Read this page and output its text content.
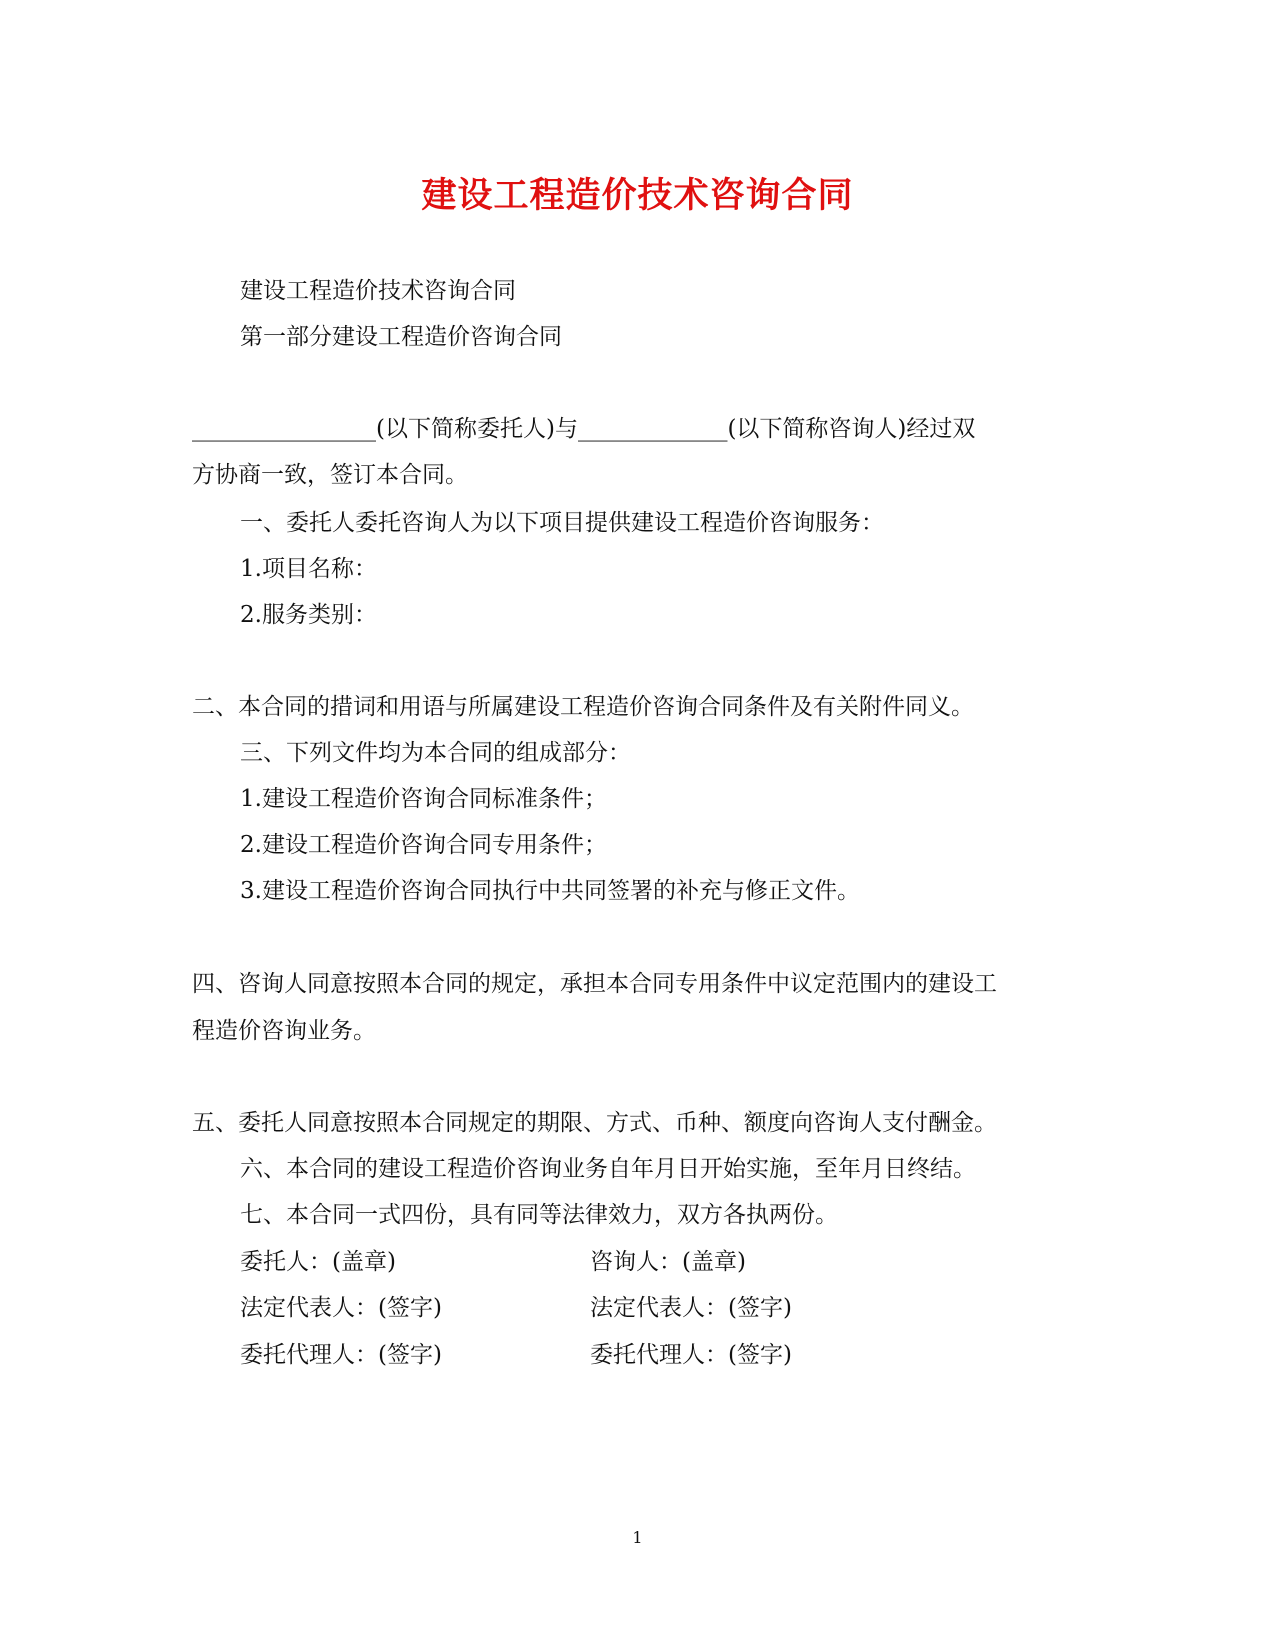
建设工程造价技术咨询合同
建设工程造价技术咨询合同
第一部分建设工程造价咨询合同
________________(以下简称委托人)与_____________(以下简称咨询人)经过双
方协商一致，签订本合同。
一、委托人委托咨询人为以下项目提供建设工程造价咨询服务：
1.项目名称：
2.服务类别：
二、本合同的措词和用语与所属建设工程造价咨询合同条件及有关附件同义。
三、下列文件均为本合同的组成部分：
1.建设工程造价咨询合同标准条件；
2.建设工程造价咨询合同专用条件；
3.建设工程造价咨询合同执行中共同签署的补充与修正文件。
四、咨询人同意按照本合同的规定，承担本合同专用条件中议定范围内的建设工
程造价咨询业务。
五、委托人同意按照本合同规定的期限、方式、币种、额度向咨询人支付酬金。
六、本合同的建设工程造价咨询业务自年月日开始实施，至年月日终结。
七、本合同一式四份，具有同等法律效力，双方各执两份。
委托人：(盖章)	咨询人：(盖章)
法定代表人：(签字)	法定代表人：(签字)
委托代理人：(签字)	委托代理人：(签字)
1
